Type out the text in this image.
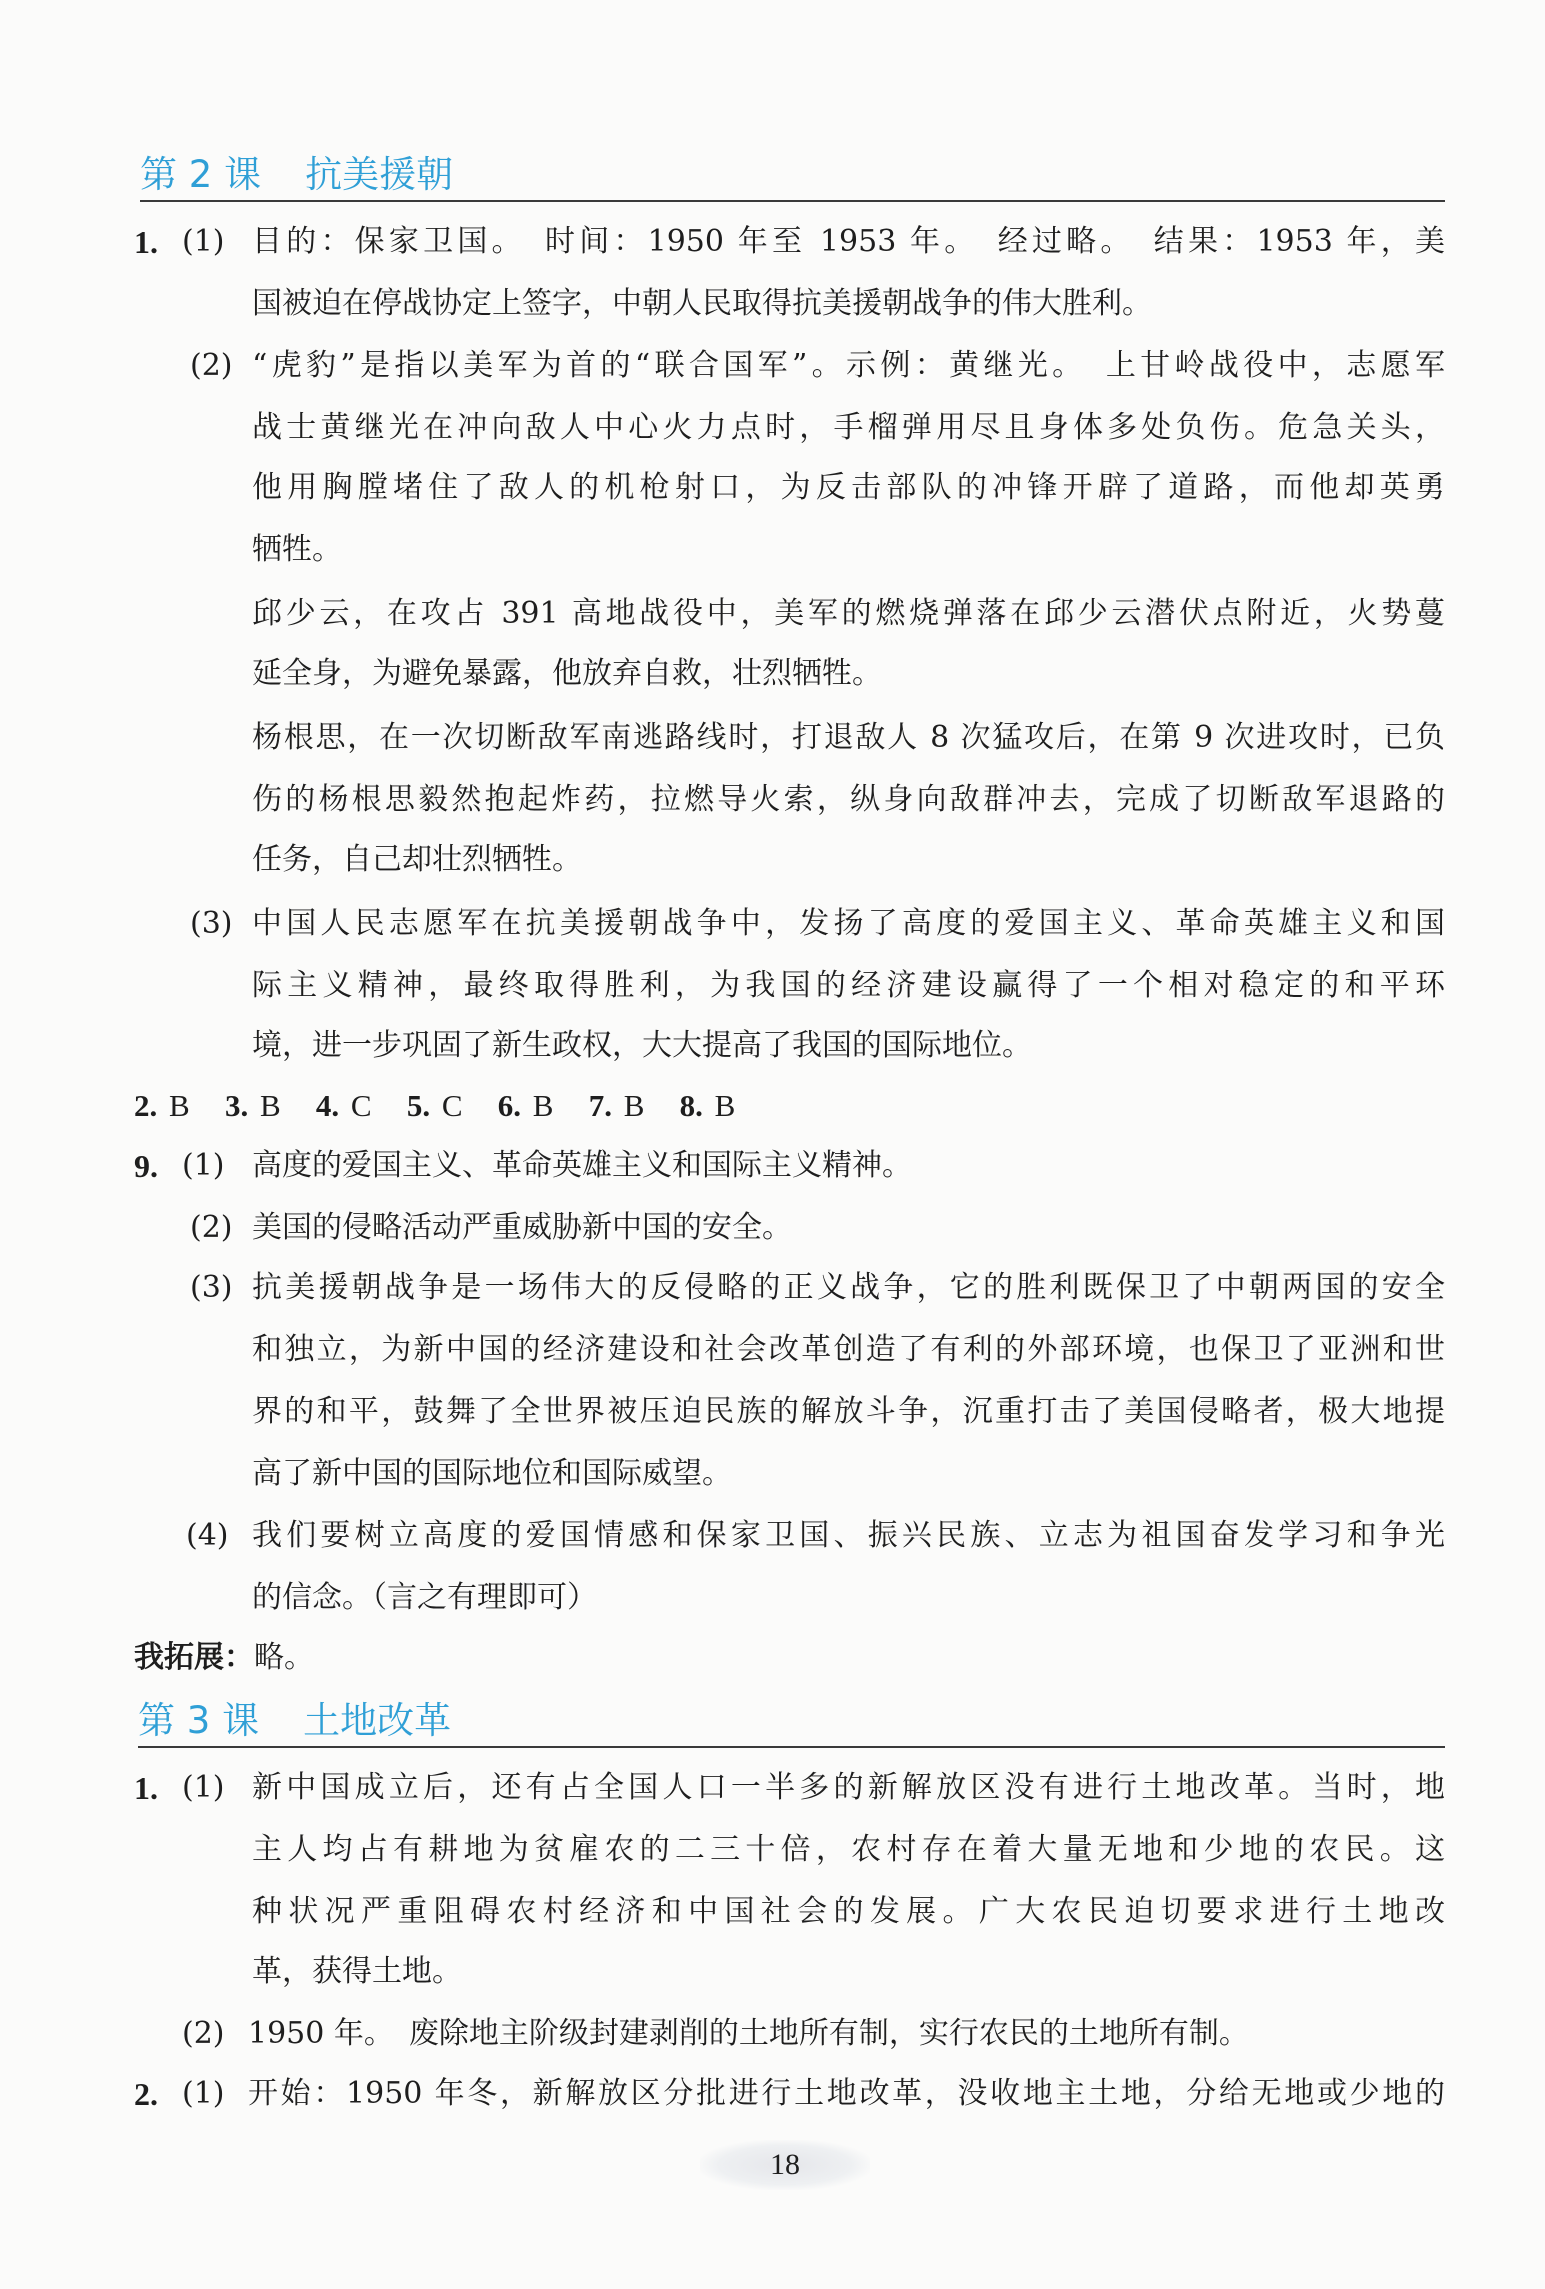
第 2 课 抗美援朝
1. (1) 目的：保家卫国。　时间：1950 年至 1953 年。　经过略。　结果：1953 年，美
国被迫在停战协定上签字，中朝人民取得抗美援朝战争的伟大胜利。
(2) “虎豹”是指以美军为首的“联合国军”。示例：黄继光。　上甘岭战役中，志愿军
战士黄继光在冲向敌人中心火力点时，手榴弹用尽且身体多处负伤。危急关头，
他用胸膛堵住了敌人的机枪射口，为反击部队的冲锋开辟了道路，而他却英勇
牺牲。
邱少云，在攻占 391 高地战役中，美军的燃烧弹落在邱少云潜伏点附近，火势蔓
延全身，为避免暴露，他放弃自救，壮烈牺牲。
杨根思，在一次切断敌军南逃路线时，打退敌人 8 次猛攻后，在第 9 次进攻时，已负
伤的杨根思毅然抱起炸药，拉燃导火索，纵身向敌群冲去，完成了切断敌军退路的
任务，自己却壮烈牺牲。
(3) 中国人民志愿军在抗美援朝战争中，发扬了高度的爱国主义、革命英雄主义和国
际主义精神，最终取得胜利，为我国的经济建设赢得了一个相对稳定的和平环
境，进一步巩固了新生政权，大大提高了我国的国际地位。
2. B 3. B 4. C 5. C 6. B 7. B 8. B
9. (1) 高度的爱国主义、革命英雄主义和国际主义精神。
(2) 美国的侵略活动严重威胁新中国的安全。
(3) 抗美援朝战争是一场伟大的反侵略的正义战争，它的胜利既保卫了中朝两国的安全
和独立，为新中国的经济建设和社会改革创造了有利的外部环境，也保卫了亚洲和世
界的和平，鼓舞了全世界被压迫民族的解放斗争，沉重打击了美国侵略者，极大地提
高了新中国的国际地位和国际威望。
(4) 我们要树立高度的爱国情感和保家卫国、振兴民族、立志为祖国奋发学习和争光
的信念。（言之有理即可）
我拓展：略。
第 3 课 土地改革
1. (1) 新中国成立后，还有占全国人口一半多的新解放区没有进行土地改革。当时，地
主人均占有耕地为贫雇农的二三十倍，农村存在着大量无地和少地的农民。这
种状况严重阻碍农村经济和中国社会的发展。广大农民迫切要求进行土地改
革，获得土地。
(2) 1950 年。　废除地主阶级封建剥削的土地所有制，实行农民的土地所有制。
2. (1) 开始：1950 年冬，新解放区分批进行土地改革，没收地主土地，分给无地或少地的
18
